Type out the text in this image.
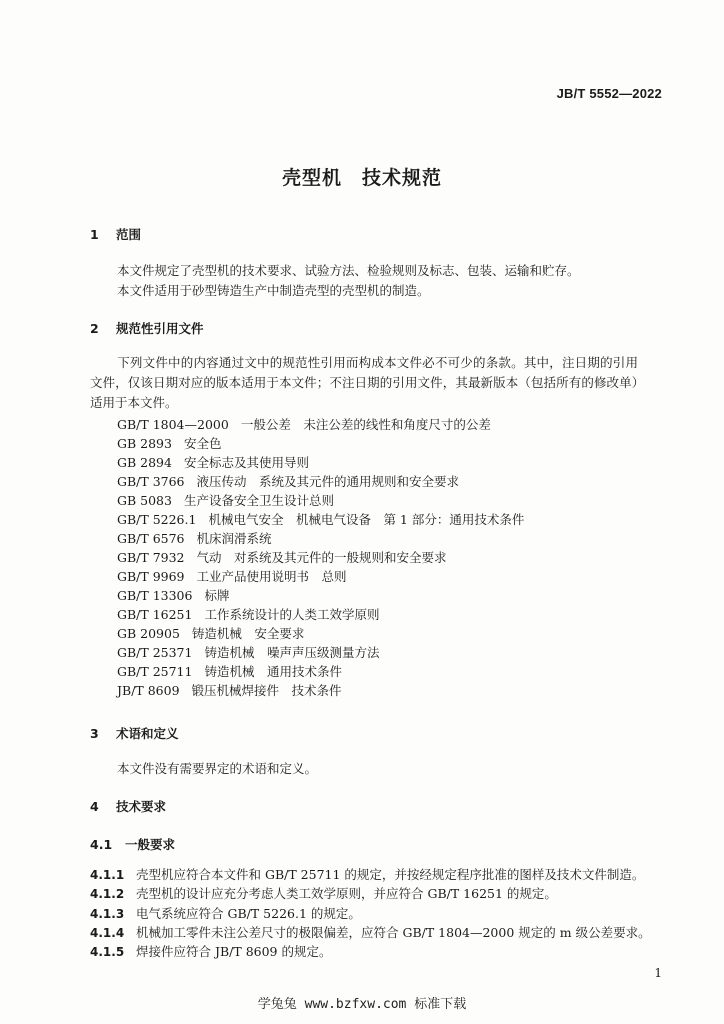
JB/T 5552—2022
壳型机　技术规范
1 范围
本文件规定了壳型机的技术要求、试验方法、检验规则及标志、包装、运输和贮存。
本文件适用于砂型铸造生产中制造壳型的壳型机的制造。
2 规范性引用文件
下列文件中的内容通过文中的规范性引用而构成本文件必不可少的条款。其中，注日期的引用文件，仅该日期对应的版本适用于本文件；不注日期的引用文件，其最新版本（包括所有的修改单）适用于本文件。
GB/T 1804—2000 一般公差　未注公差的线性和角度尺寸的公差
GB 2893 安全色
GB 2894 安全标志及其使用导则
GB/T 3766 液压传动　系统及其元件的通用规则和安全要求
GB 5083 生产设备安全卫生设计总则
GB/T 5226.1 机械电气安全　机械电气设备　第 1 部分：通用技术条件
GB/T 6576 机床润滑系统
GB/T 7932 气动　对系统及其元件的一般规则和安全要求
GB/T 9969 工业产品使用说明书　总则
GB/T 13306 标牌
GB/T 16251 工作系统设计的人类工效学原则
GB 20905 铸造机械　安全要求
GB/T 25371 铸造机械　噪声声压级测量方法
GB/T 25711 铸造机械　通用技术条件
JB/T 8609 锻压机械焊接件　技术条件
3 术语和定义
本文件没有需要界定的术语和定义。
4 技术要求
4.1 一般要求
4.1.1 壳型机应符合本文件和 GB/T 25711 的规定，并按经规定程序批准的图样及技术文件制造。
4.1.2 壳型机的设计应充分考虑人类工效学原则，并应符合 GB/T 16251 的规定。
4.1.3 电气系统应符合 GB/T 5226.1 的规定。
4.1.4 机械加工零件未注公差尺寸的极限偏差，应符合 GB/T 1804—2000 规定的 m 级公差要求。
4.1.5 焊接件应符合 JB/T 8609 的规定。
1
学兔兔 www.bzfxw.com 标准下载
